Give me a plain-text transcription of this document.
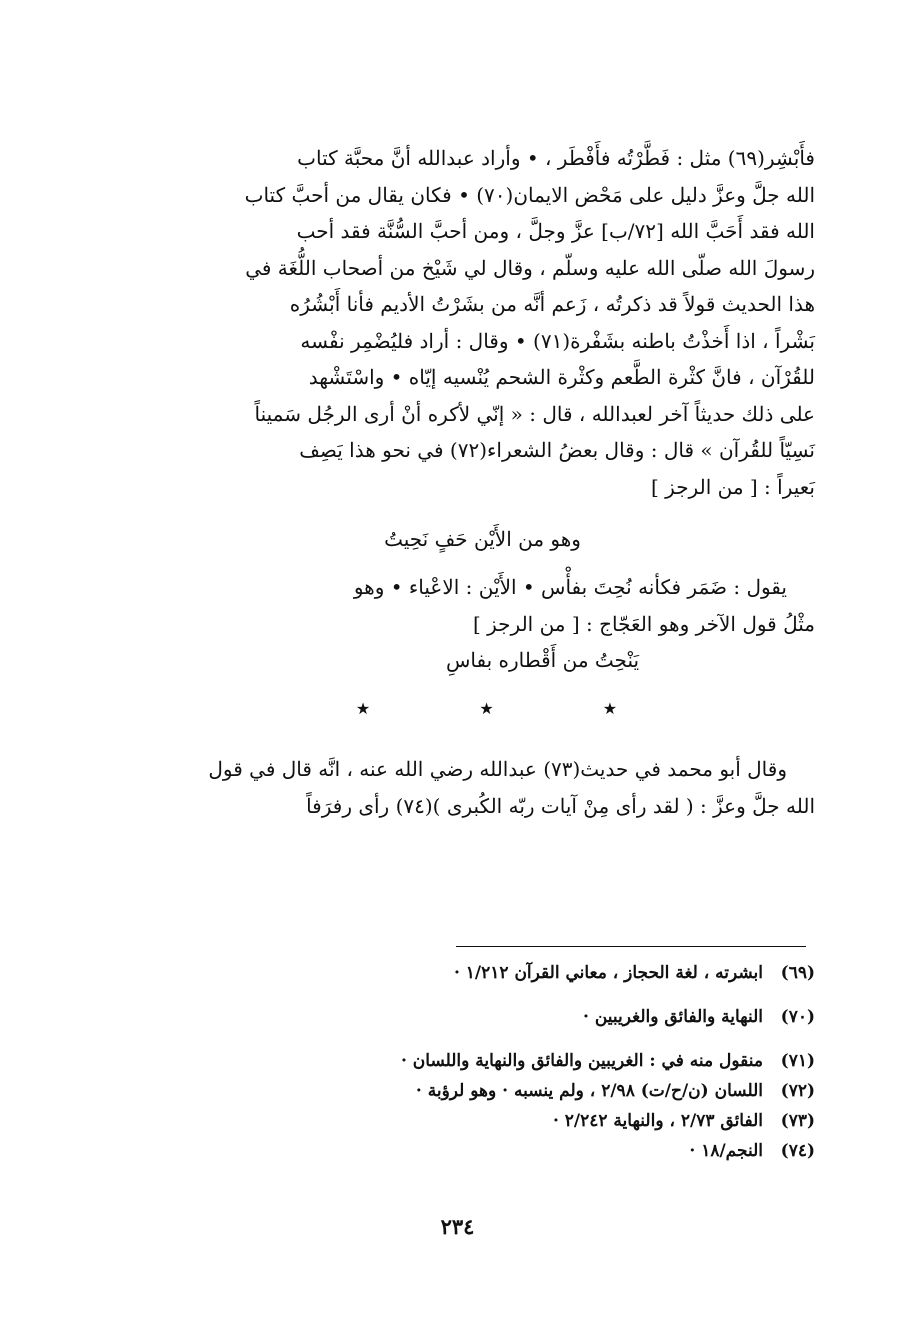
فأَبْشِر(٦٩) مثل : فَطَّرْتُه فأَفْطَر ، • وأراد عبدالله أنَّ محبَّة كتاب

الله جلَّ وعزَّ دليل على مَحْض الايمان(٧٠) • فكان يقال من أحبَّ كتاب

الله فقد أَحَبَّ الله [٧٢/ب] عزَّ وجلَّ ، ومن أحبَّ السُّنَّة فقد أحب

رسولَ الله صلّى الله عليه وسلّم ، وقال لي شَيْخ من أصحاب اللُّغَة في

هذا الحديث قولاً قد ذكرتُه ، زَعم أنَّه من بشَرْتُ الأديم فأنا أَبْشُرُه

بَشْراً ، اذا أَخذْتُ باطنه بشَفْرة(٧١) • وقال : أراد فليُضْمِر نفْسه

للقُرْآن ، فانَّ كثْرة الطَّعم وكثْرة الشحم يُنْسيه إيّاه • واسْتَشْهد

على ذلك حديثاً آخر لعبدالله ، قال : « إنّي لأكره أنْ أرى الرجُل سَميناً

نَسِيّاً للقُرآن » قال : وقال بعضُ الشعراء(٧٢) في نحو هذا يَصِف

بَعيراً : [ من الرجز ]

وهو من الأَيْن حَفٍ نَحِيتُ

يقول : ضَمَر فكأنه نُحِتَ بفأْس • الأَيْن : الاعْياء • وهو

مثْلُ قول الآخر وهو العَجّاج : [ من الرجز ]

يَنْحِتُ من أَقْطاره بفاسِ

★ ★ ★

وقال أبو محمد في حديث(٧٣) عبدالله رضي الله عنه ، انَّه قال في قول

الله جلَّ وعزَّ : ( لقد رأى مِنْ آيات ربّه الكُبرى )(٧٤) رأى رفرَفاً

(٦٩)
ابشرته ، لغة الحجاز ، معاني القرآن ١/٢١٢ ·
(٧٠)
النهاية والفائق والغريبين ·
(٧١)
منقول منه في : الغريبين والفائق والنهاية واللسان ·
(٧٢)
اللسان (ن/ح/ت) ٢/٩٨ ، ولم ينسبه · وهو لرؤبة ·
(٧٣)
الفائق ٢/٧٣ ، والنهاية ٢/٢٤٢ ·
(٧٤)
النجم/١٨ ·
٢٣٤
